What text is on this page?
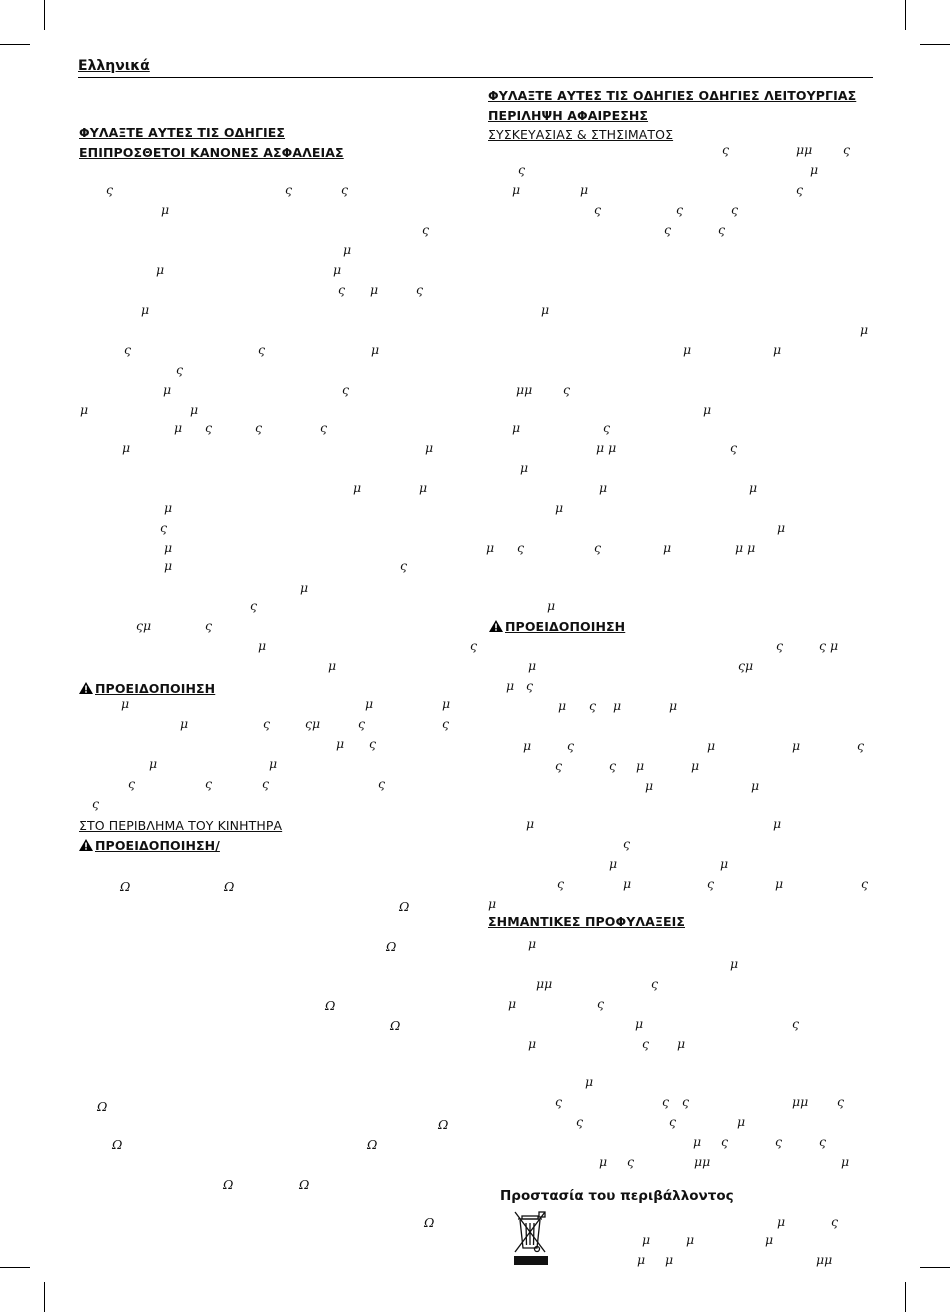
Ελληνικά
ΦΥΛΑΞΤΕ ΑΥΤΕΣ ΤΙΣ ΟΔΗΓΙΕΣ
ΕΠΙΠΡΟΣΘΕΤΟΙ ΚΑΝΟΝΕΣ ΑΣΦΑΛΕΙΑΣ
ΠΡΟΕΙΔΟΠΟΙΗΣΗ
ΣΤΟ ΠΕΡΙΒΛΗΜΑ ΤΟΥ ΚΙΝΗΤΗΡΑ
ΠΡΟΕΙΔΟΠΟΙΗΣΗ/
ΦΥΛΑΞΤΕ ΑΥΤΕΣ ΤΙΣ ΟΔΗΓΙΕΣ ΟΔΗΓΙΕΣ ΛΕΙΤΟΥΡΓΙΑΣ
ΠΕΡΙΛΗΨΗ ΑΦΑΙΡΕΣΗΣ
ΣΥΣΚΕΥΑΣΙΑΣ & ΣΤΗΣΙΜΑΤΟΣ
ΠΡΟΕΙΔΟΠΟΙΗΣΗ
ΣΗΜΑΝΤΙΚΕΣ ΠΡΟΦΥΛΑΞΕΙΣ
Προστασία του περιβάλλοντος
ς	ς	ς
μ
ς
μ
μ	μ
ς μ	ς
μ
ς	ς	μ
ς
μ	ς
μ	μ
μ ς	ς	ς
μ	μ
μ	μ
μ
ς
μ
μ	ς
μ
ς
ςμ	ς
μ	ς
μ
μ	μ	μ
μ	ς	ςμ	ς	ς
μ ς
μ	μ
ς	ς	ς	ς
ς
Ω	Ω
Ω
Ω
Ω
Ω
Ω
Ω
Ω	Ω
Ω	Ω
Ω
ς	μμ ς
ς	μ
μ	μ	ς
ς	ς	ς
ς	ς
μ
μ
μ	μ
μμ ς
μ
μ	ς
μ μ	ς
μ
μ	μ
μ
μ
μ ς	ς	μ	μ μ
μ
ς	ς μ
μ	ςμ
μ ς
μ ς μ	μ
μ	ς	μ	μ	ς
ς	ς μ	μ
μ	μ
μ	μ
ς
μ	μ
ς	μ	ς	μ	ς
μ
μ
μ
μμ	ς
μ	ς
μ	ς
μ	ς μ
μ
ς	ς ς	μμ ς
ς	ς	μ
μ ς	ς	ς
μ ς	μμ	μ
μ	ς
μ	μ	μ
μ μ	μμ
